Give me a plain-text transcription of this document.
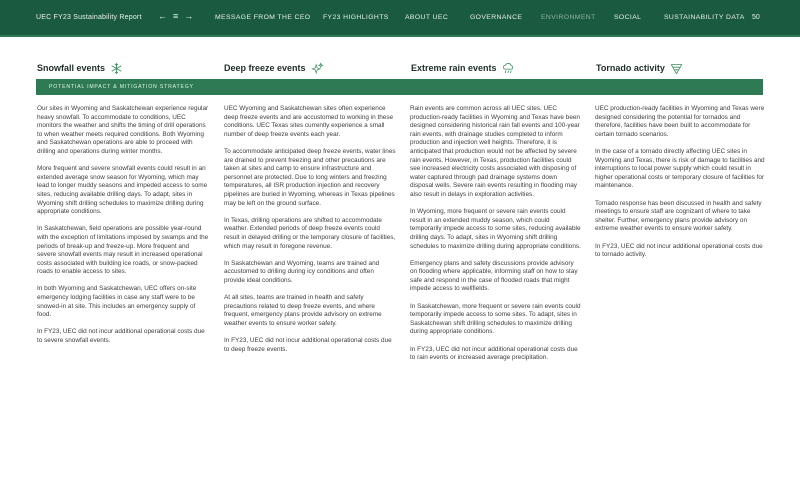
UEC FY23 Sustainability Report ← ≡ →	MESSAGE FROM THE CEO FY23 HIGHLIGHTS ABOUT UEC	GOVERNANCE	ENVIRONMENT	SOCIAL	SUSTAINABILITY DATA 50
Snowfall events	Deep freeze events	Extreme rain events	Tornado activity
POTENTIAL IMPACT & MITIGATION STRATEGY

Our sites in Wyoming and Saskatchewan experience regular heavy snowfall. To accommodate to conditions, UEC monitors the weather and shifts the timing of drill operations to when weather meets required conditions. Both Wyoming and Saskatchewan operations are able to proceed with drilling and operations during winter months.

More frequent and severe snowfall events could result in an extended average snow season for Wyoming, which may lead to longer muddy seasons and impeded access to some sites, reducing available drilling days. To adapt, sites in Wyoming shift drilling schedules to maximize drilling during appropriate conditions.

In Saskatchewan, field operations are possible year-round with the exception of limitations imposed by swamps and the periods of break-up and freeze-up. More frequent and severe snowfall events may result in increased operational costs associated with building ice roads, or snow-packed roads to enable access to sites.

In both Wyoming and Saskatchewan, UEC offers on-site emergency lodging facilities in case any staff were to be snowed-in at site. This includes an emergency supply of food.

In FY23, UEC did not incur additional operational costs due to severe snowfall events.

UEC Wyoming and Saskatchewan sites often experience deep freeze events and are accustomed to working in these conditions. UEC Texas sites currently experience a small number of deep freeze events each year.

To accommodate anticipated deep freeze events, water lines are drained to prevent freezing and other precautions are taken at sites and camp to ensure infrastructure and personnel are protected. Due to long winters and freezing temperatures, all ISR production injection and recovery pipelines are buried in Wyoming, whereas in Texas pipelines may be left on the ground surface.

In Texas, drilling operations are shifted to accommodate weather. Extended periods of deep freeze events could result in delayed drilling or the temporary closure of facilities, which may result in foregone revenue.

In Saskatchewan and Wyoming, teams are trained and accustomed to drilling during icy conditions and often provide ideal conditions.

At all sites, teams are trained in health and safety precautions related to deep freeze events, and where frequent, emergency plans provide advisory on extreme weather events to ensure worker safety.

In FY23, UEC did not incur additional operational costs due to deep freeze events.

Rain events are common across all UEC sites. UEC production-ready facilities in Wyoming and Texas have been designed considering historical rain fall events and 100-year rain events, with drainage studies completed to inform production and injection well heights. Therefore, it is anticipated that production would not be affected by severe rain events. However, in Texas, production facilities could see increased electricity costs associated with disposing of water captured through pad drainage systems down disposal wells. Severe rain events resulting in flooding may also result in delays in exploration activities.

In Wyoming, more frequent or severe rain events could result in an extended muddy season, which could temporarily impede access to some sites, reducing available drilling days. To adapt, sites in Wyoming shift drilling schedules to maximize drilling during appropriate conditions.

Emergency plans and safety discussions provide advisory on flooding where applicable, informing staff on how to stay safe and respond in the case of flooded roads that might impede access to wellfields.

In Saskatchewan, more frequent or severe rain events could temporarily impede access to some sites. To adapt, sites in Saskatchewan shift drilling schedules to maximize drilling during appropriate conditions.

In FY23, UEC did not incur additional operational costs due to rain events or increased average precipitation.

UEC production-ready facilities in Wyoming and Texas were designed considering the potential for tornados and therefore, facilities have been built to accommodate for certain tornado scenarios.

In the case of a tornado directly affecting UEC sites in Wyoming and Texas, there is risk of damage to facilities and interruptions to local power supply which could result in higher operational costs or temporary closure of facilities for maintenance.

Tornado response has been discussed in health and safety meetings to ensure staff are cognizant of where to take shelter. Further, emergency plans provide advisory on extreme weather events to ensure worker safety.

In FY23, UEC did not incur additional operational costs due to tornado activity.
